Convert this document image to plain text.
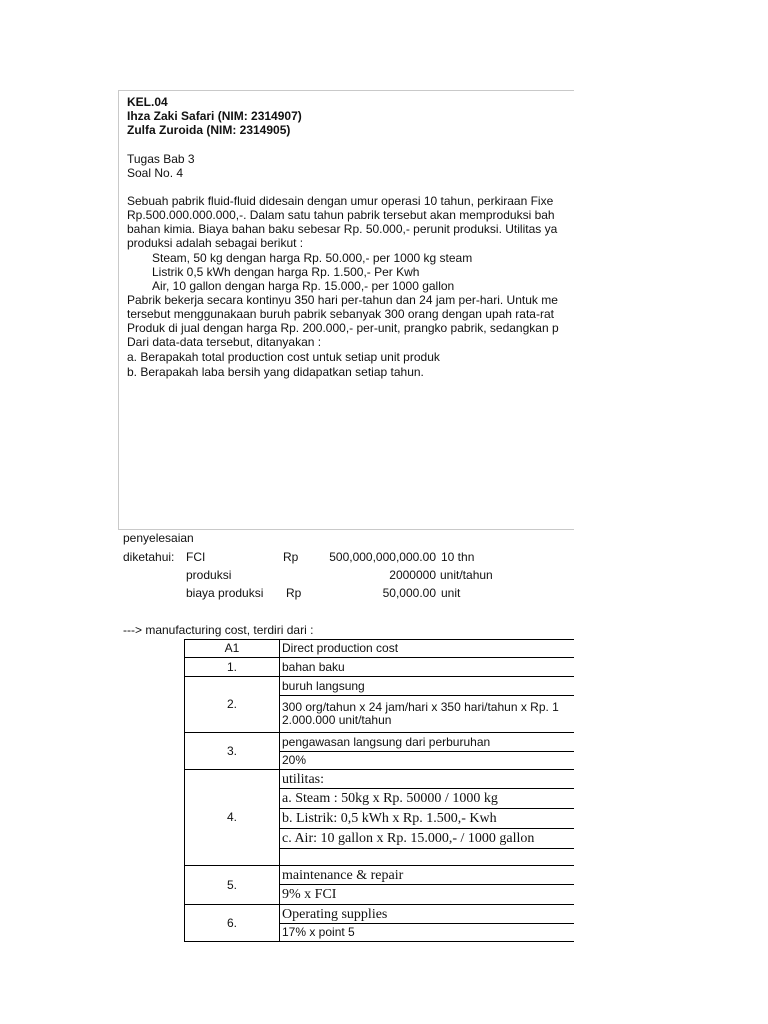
KEL.04
Ihza Zaki Safari (NIM: 2314907)
Zulfa Zuroida (NIM: 2314905)
Tugas Bab 3
Soal No. 4
Sebuah pabrik fluid-fluid didesain dengan umur operasi 10 tahun, perkiraan Fixe
Rp.500.000.000.000,-. Dalam satu tahun pabrik tersebut akan memproduksi bah
bahan kimia. Biaya bahan baku sebesar Rp. 50.000,- perunit produksi. Utilitas ya
produksi adalah sebagai berikut :
Steam, 50 kg dengan harga Rp. 50.000,- per 1000 kg steam
Listrik 0,5 kWh dengan harga Rp. 1.500,- Per Kwh
Air, 10 gallon dengan harga Rp. 15.000,- per 1000 gallon
Pabrik bekerja secara kontinyu 350 hari per-tahun dan 24 jam per-hari. Untuk me
tersebut menggunakaan buruh pabrik sebanyak 300 orang dengan upah rata-rat
Produk di jual dengan harga Rp. 200.000,- per-unit, prangko pabrik, sedangkan p
Dari data-data tersebut, ditanyakan :
a. Berapakah total production cost untuk setiap unit produk
b. Berapakah laba bersih yang didapatkan setiap tahun.
penyelesaian
diketahui: FCI	Rp	500,000,000,000.00 10 thn
produksi	2000000 unit/tahun
biaya produksi Rp	50,000.00 unit
---> manufacturing cost, terdiri dari :
A1	Direct production cost
1.	bahan baku
2.	buruh langsung

	300 org/tahun x 24 jam/hari x 350 hari/tahun x Rp. 1
2.000.000 unit/tahun

3.	pengawasan langsung dari perburuhan
	20%
4.	utilitas:
	a. Steam : 50kg x Rp. 50000 / 1000 kg
	b. Listrik: 0,5 kWh x Rp. 1.500,- Kwh
	c. Air: 10 gallon x Rp. 15.000,- / 1000 gallon

5.	maintenance & repair
	9% x FCI
6.	Operating supplies
	17% x point 5
